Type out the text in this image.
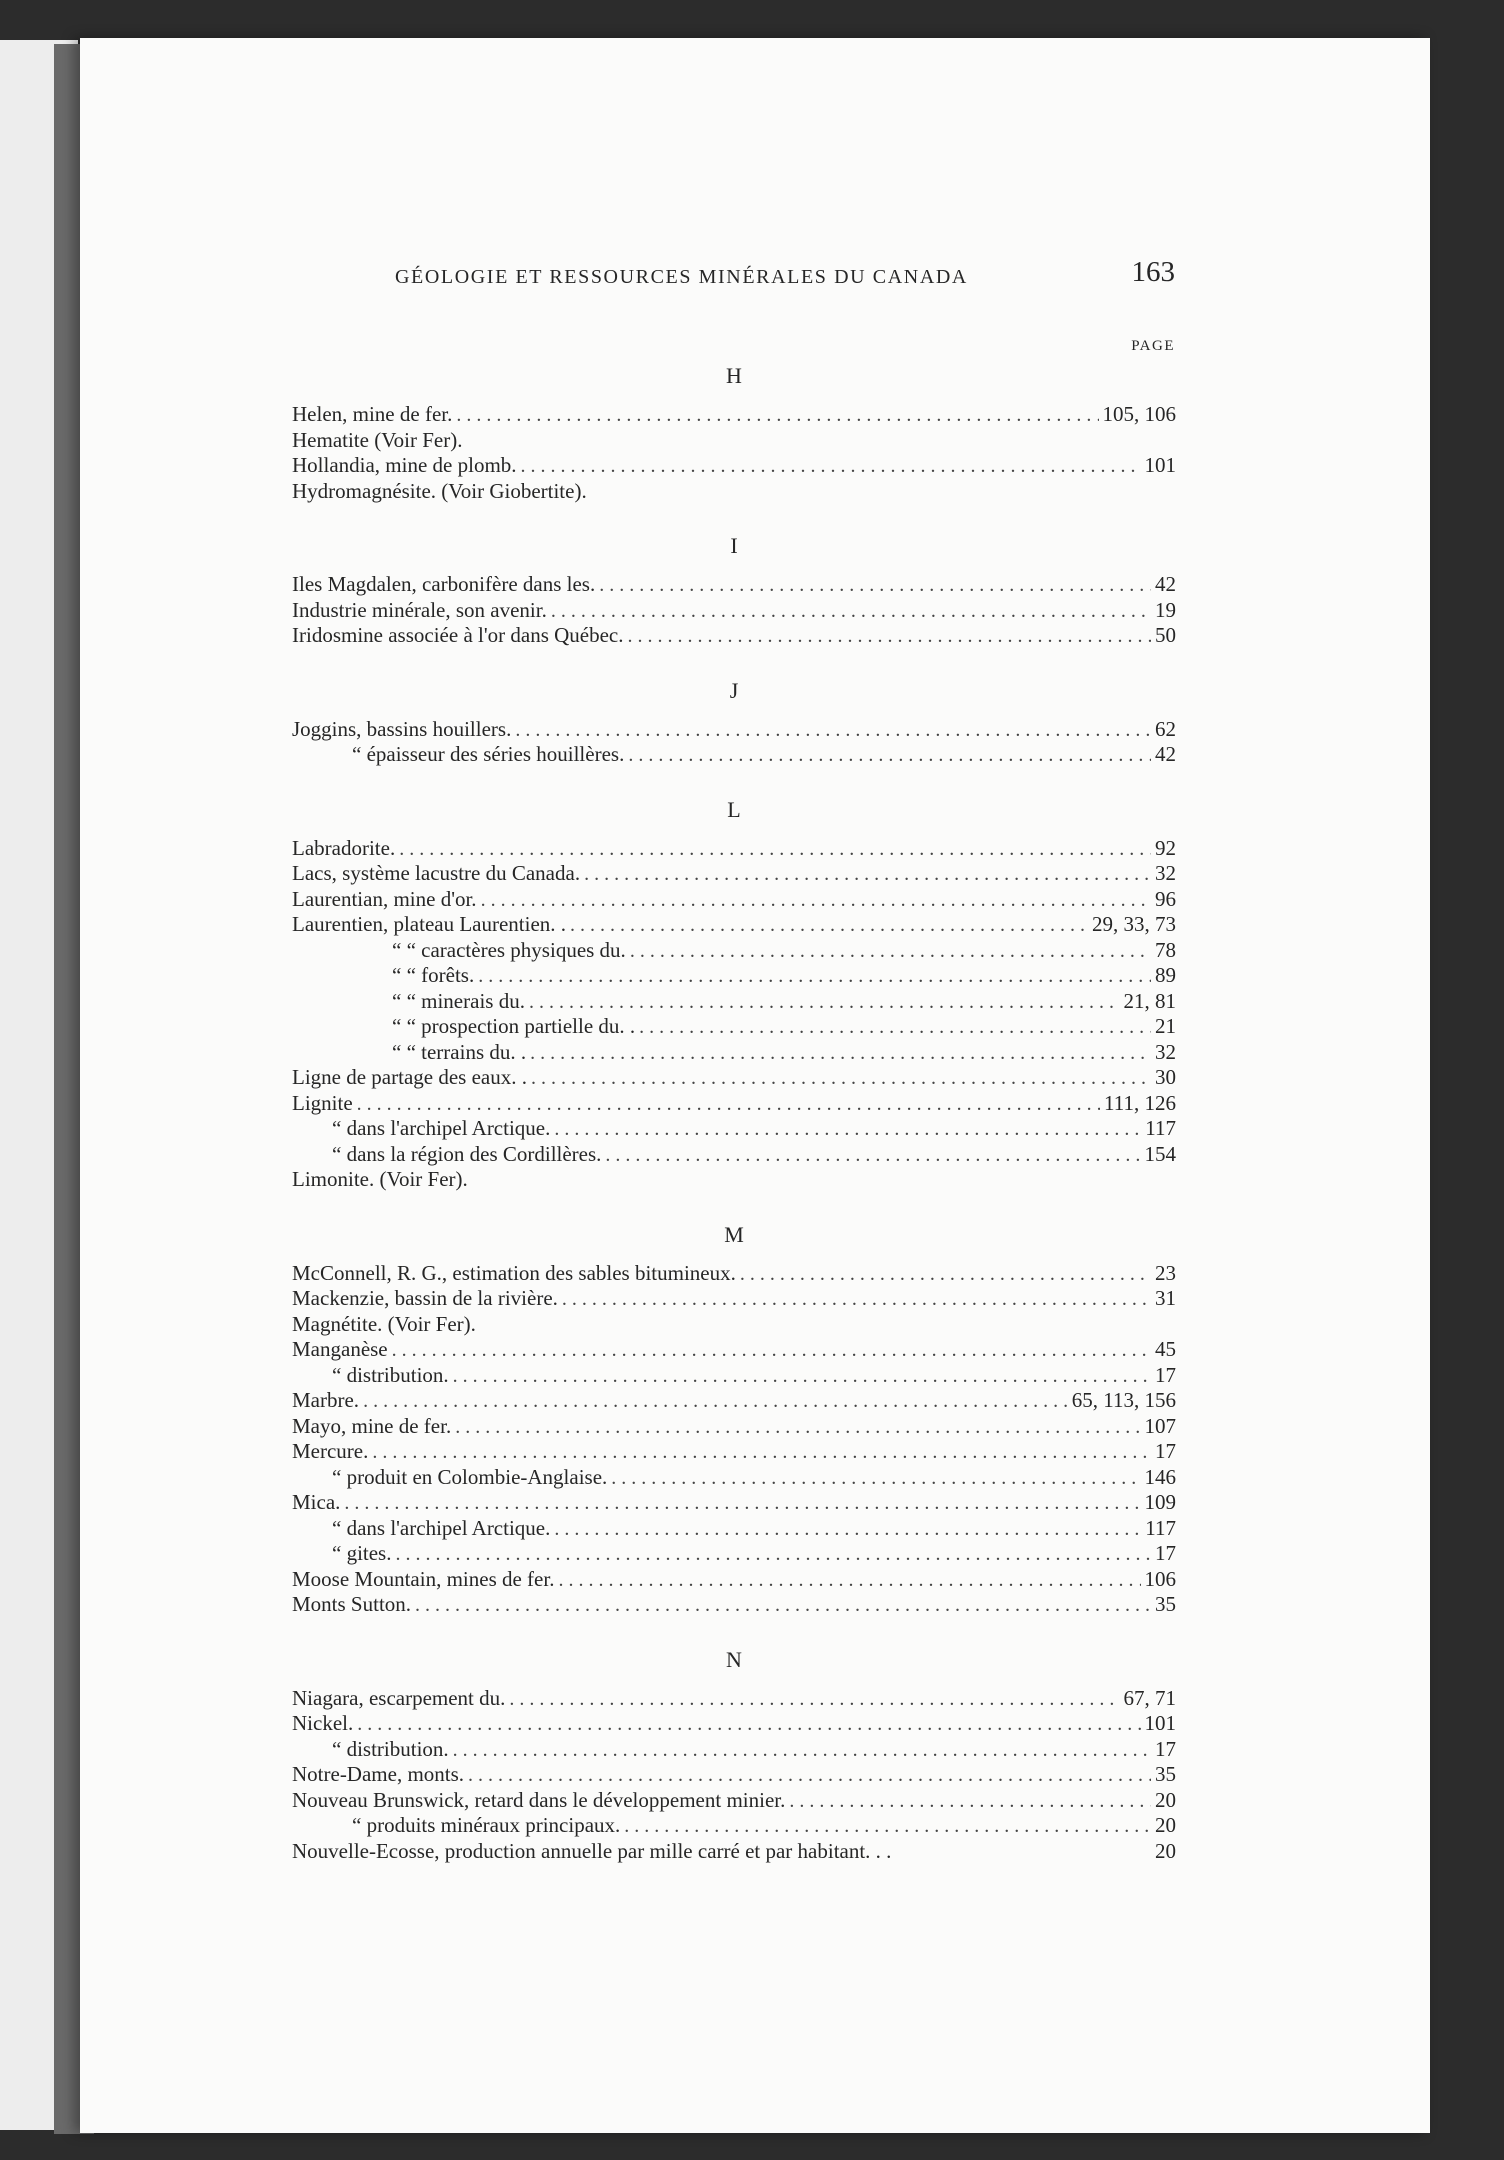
GÉOLOGIE ET RESSOURCES MINÉRALES DU CANADA	163
PAGE
H
Helen, mine de fer. . . .	105, 106
Hematite (Voir Fer).
Hollandia, mine de plomb. . . .	101
Hydromagnésite. (Voir Giobertite).
I
Iles Magdalen, carbonifère dans les. . . .	42
Industrie minérale, son avenir. . . .	19
Iridosmine associée à l'or dans Québec. . . .	50
J
Joggins, bassins houillers. . . .	62
“ épaisseur des séries houillères. . . .	42
L
Labradorite. . . .	92
Lacs, système lacustre du Canada. . . .	32
Laurentian, mine d'or. . . .	96
Laurentien, plateau Laurentien. . . . .	29, 33, 73
“ “ caractères physiques du. . . .	78
“ “ forêts. . . .	89
“ “ minerais du. . . .	21, 81
“ “ prospection partielle du. . . . .	21
“ “ terrains du. . . . .	32
Ligne de partage des eaux. . . . .	30
Lignite . . .	111, 126
“ dans l'archipel Arctique. . . .	117
“ dans la région des Cordillères. . . .	154
Limonite. (Voir Fer).
M
McConnell, R. G., estimation des sables bitumineux. . . .	23
Mackenzie, bassin de la rivière. . . .	31
Magnétite. (Voir Fer).
Manganèse . . .	45
“ distribution. . . .	17
Marbre. . . .	65, 113, 156
Mayo, mine de fer. . . .	107
Mercure. . . .	17
“ produit en Colombie-Anglaise. . . .	146
Mica. . . .	109
“ dans l'archipel Arctique. . . .	117
“ gites. . . .	17
Moose Mountain, mines de fer. . . .	106
Monts Sutton. . . .	35
N
Niagara, escarpement du. . . .	67, 71
Nickel. . . .	101
“ distribution. . . .	17
Notre-Dame, monts. . . .	35
Nouveau Brunswick, retard dans le développement minier. . . .	20
“ produits minéraux principaux. . . .	20
Nouvelle-Ecosse, production annuelle par mille carré et par habitant. . .	20
